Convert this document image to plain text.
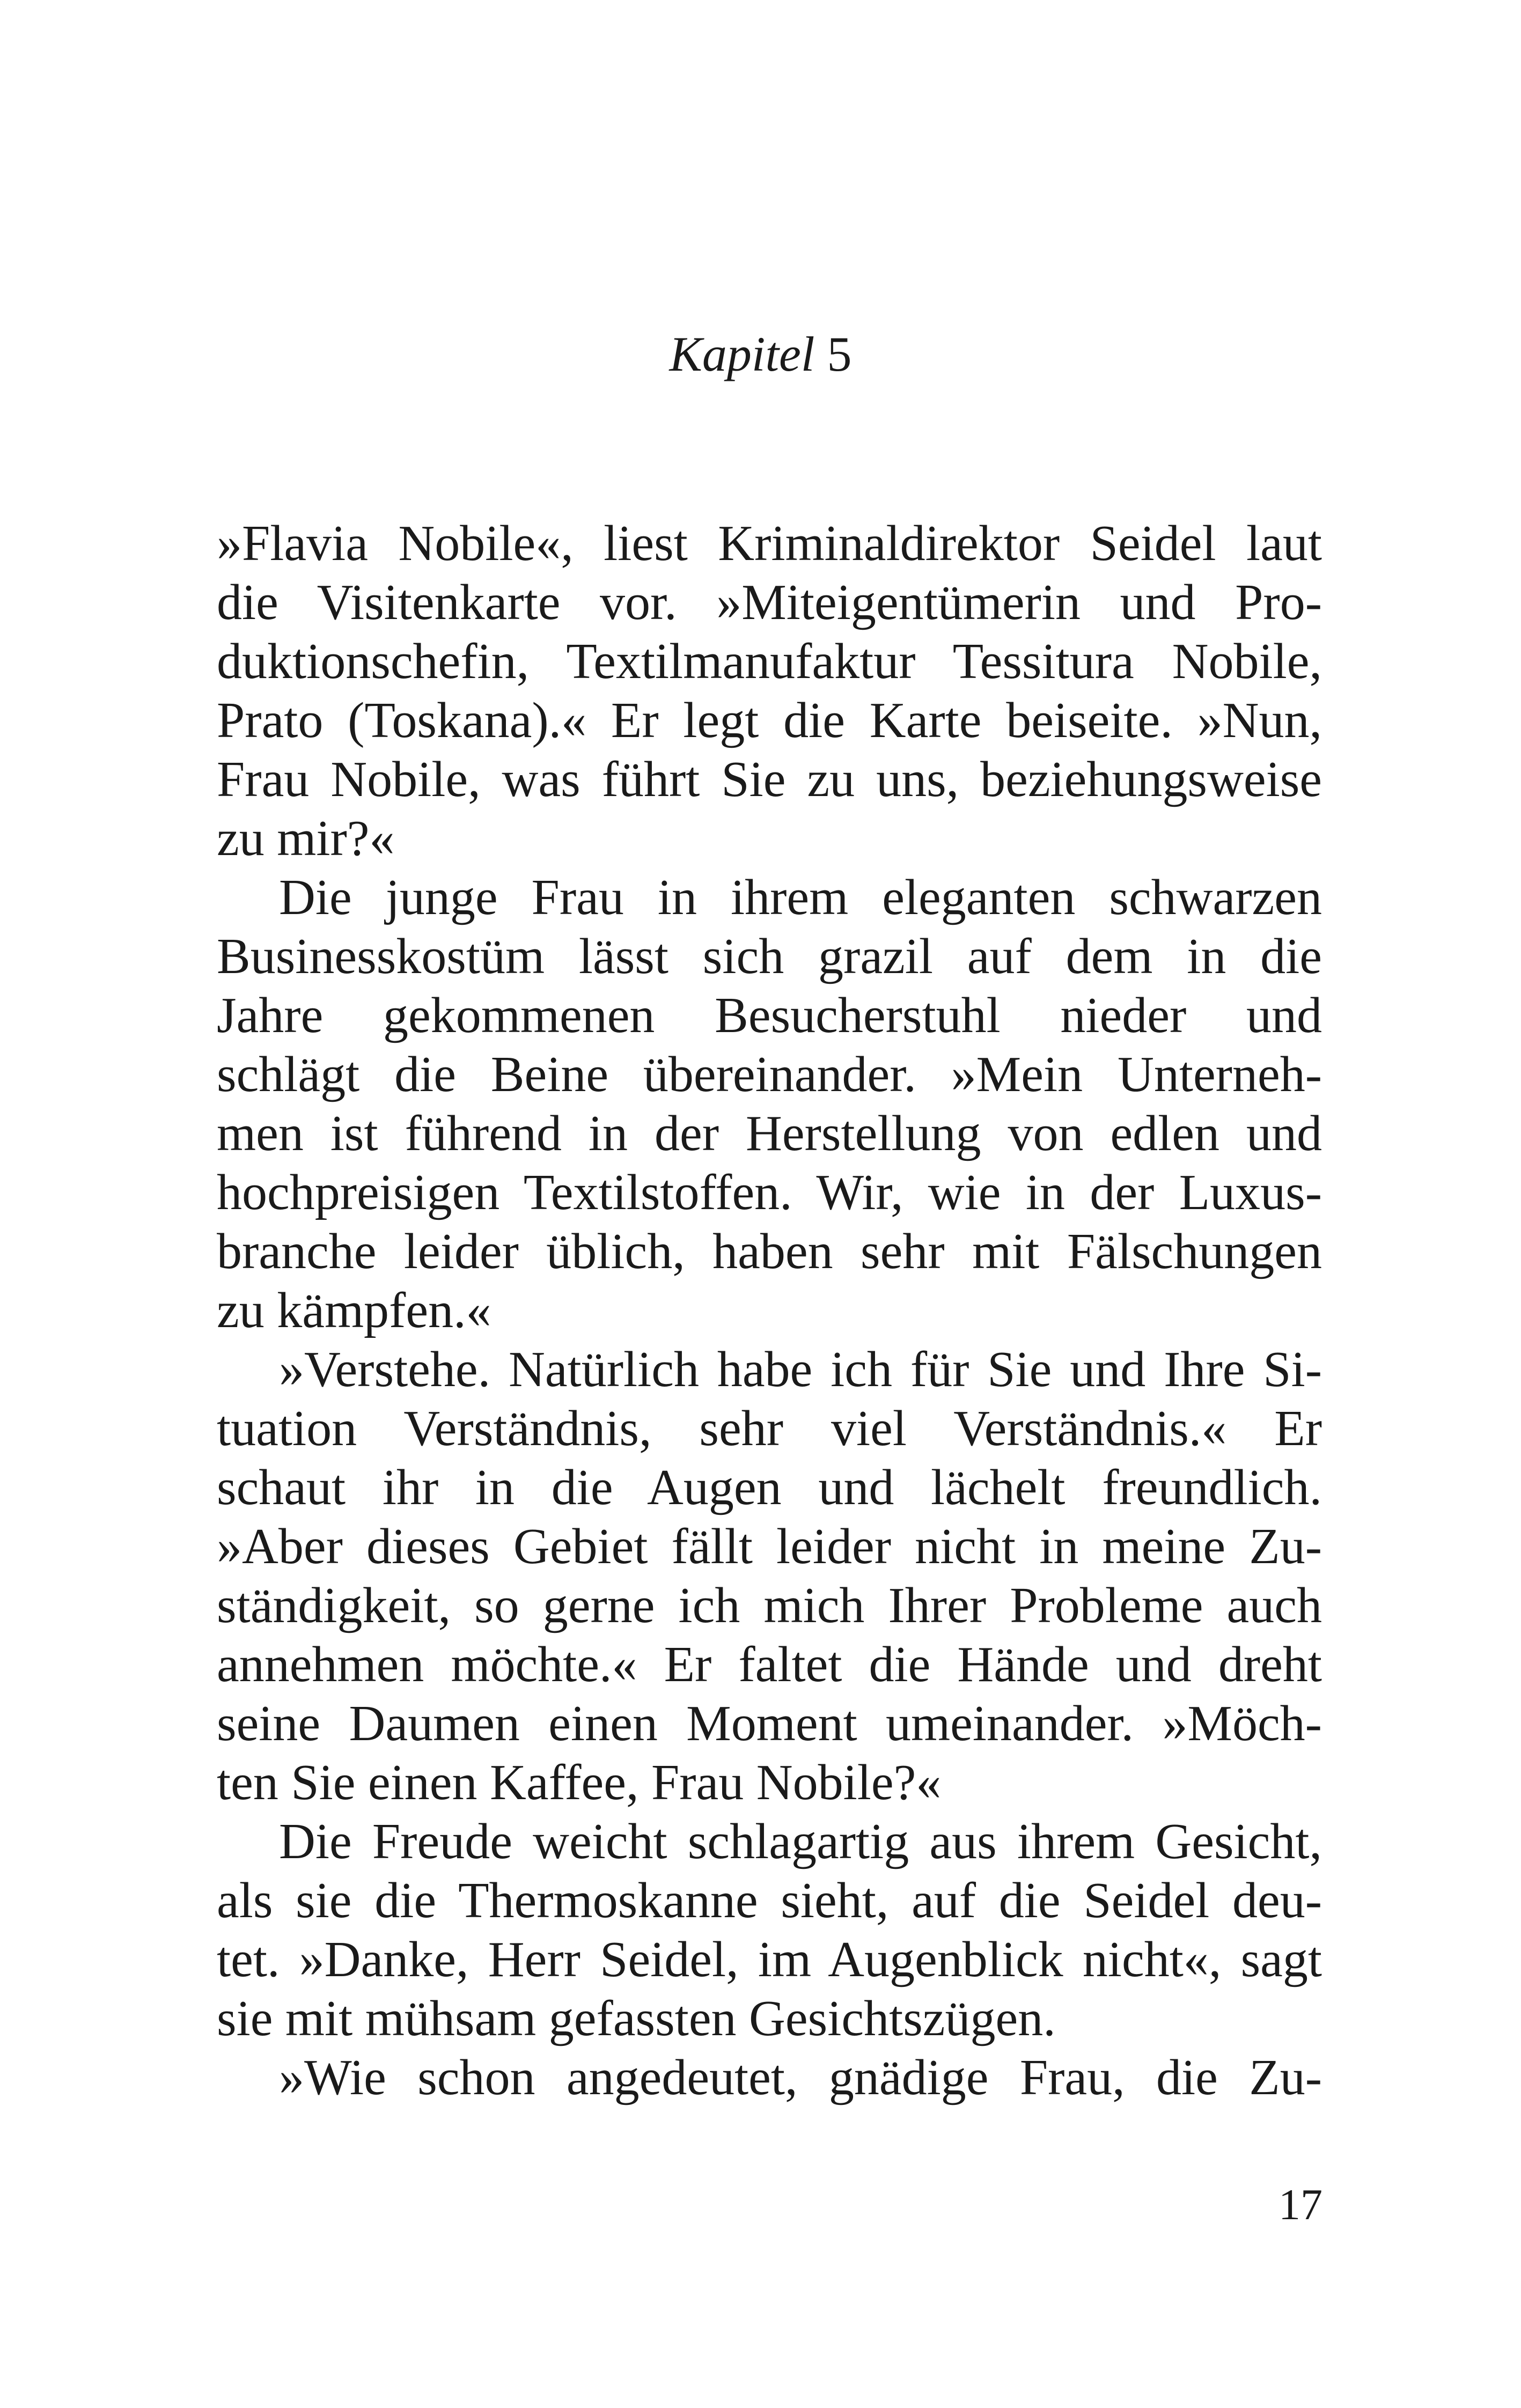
Kapitel 5
»Flavia Nobile«, liest Kriminaldirektor Seidel laut
die Visitenkarte vor. »Miteigentümerin und Pro-
duktionschefin, Textilmanufaktur Tessitura Nobile,
Prato (Toskana).« Er legt die Karte beiseite. »Nun,
Frau Nobile, was führt Sie zu uns, beziehungsweise
zu mir?«
Die junge Frau in ihrem eleganten schwarzen
Businesskostüm lässt sich grazil auf dem in die
Jahre gekommenen Besucherstuhl nieder und
schlägt die Beine übereinander. »Mein Unterneh-
men ist führend in der Herstellung von edlen und
hochpreisigen Textilstoffen. Wir, wie in der Luxus-
branche leider üblich, haben sehr mit Fälschungen
zu kämpfen.«
»Verstehe. Natürlich habe ich für Sie und Ihre Si-
tuation Verständnis, sehr viel Verständnis.« Er
schaut ihr in die Augen und lächelt freundlich.
»Aber dieses Gebiet fällt leider nicht in meine Zu-
ständigkeit, so gerne ich mich Ihrer Probleme auch
annehmen möchte.« Er faltet die Hände und dreht
seine Daumen einen Moment umeinander. »Möch-
ten Sie einen Kaffee, Frau Nobile?«
Die Freude weicht schlagartig aus ihrem Gesicht,
als sie die Thermoskanne sieht, auf die Seidel deu-
tet. »Danke, Herr Seidel, im Augenblick nicht«, sagt
sie mit mühsam gefassten Gesichtszügen.
»Wie schon angedeutet, gnädige Frau, die Zu-
17
